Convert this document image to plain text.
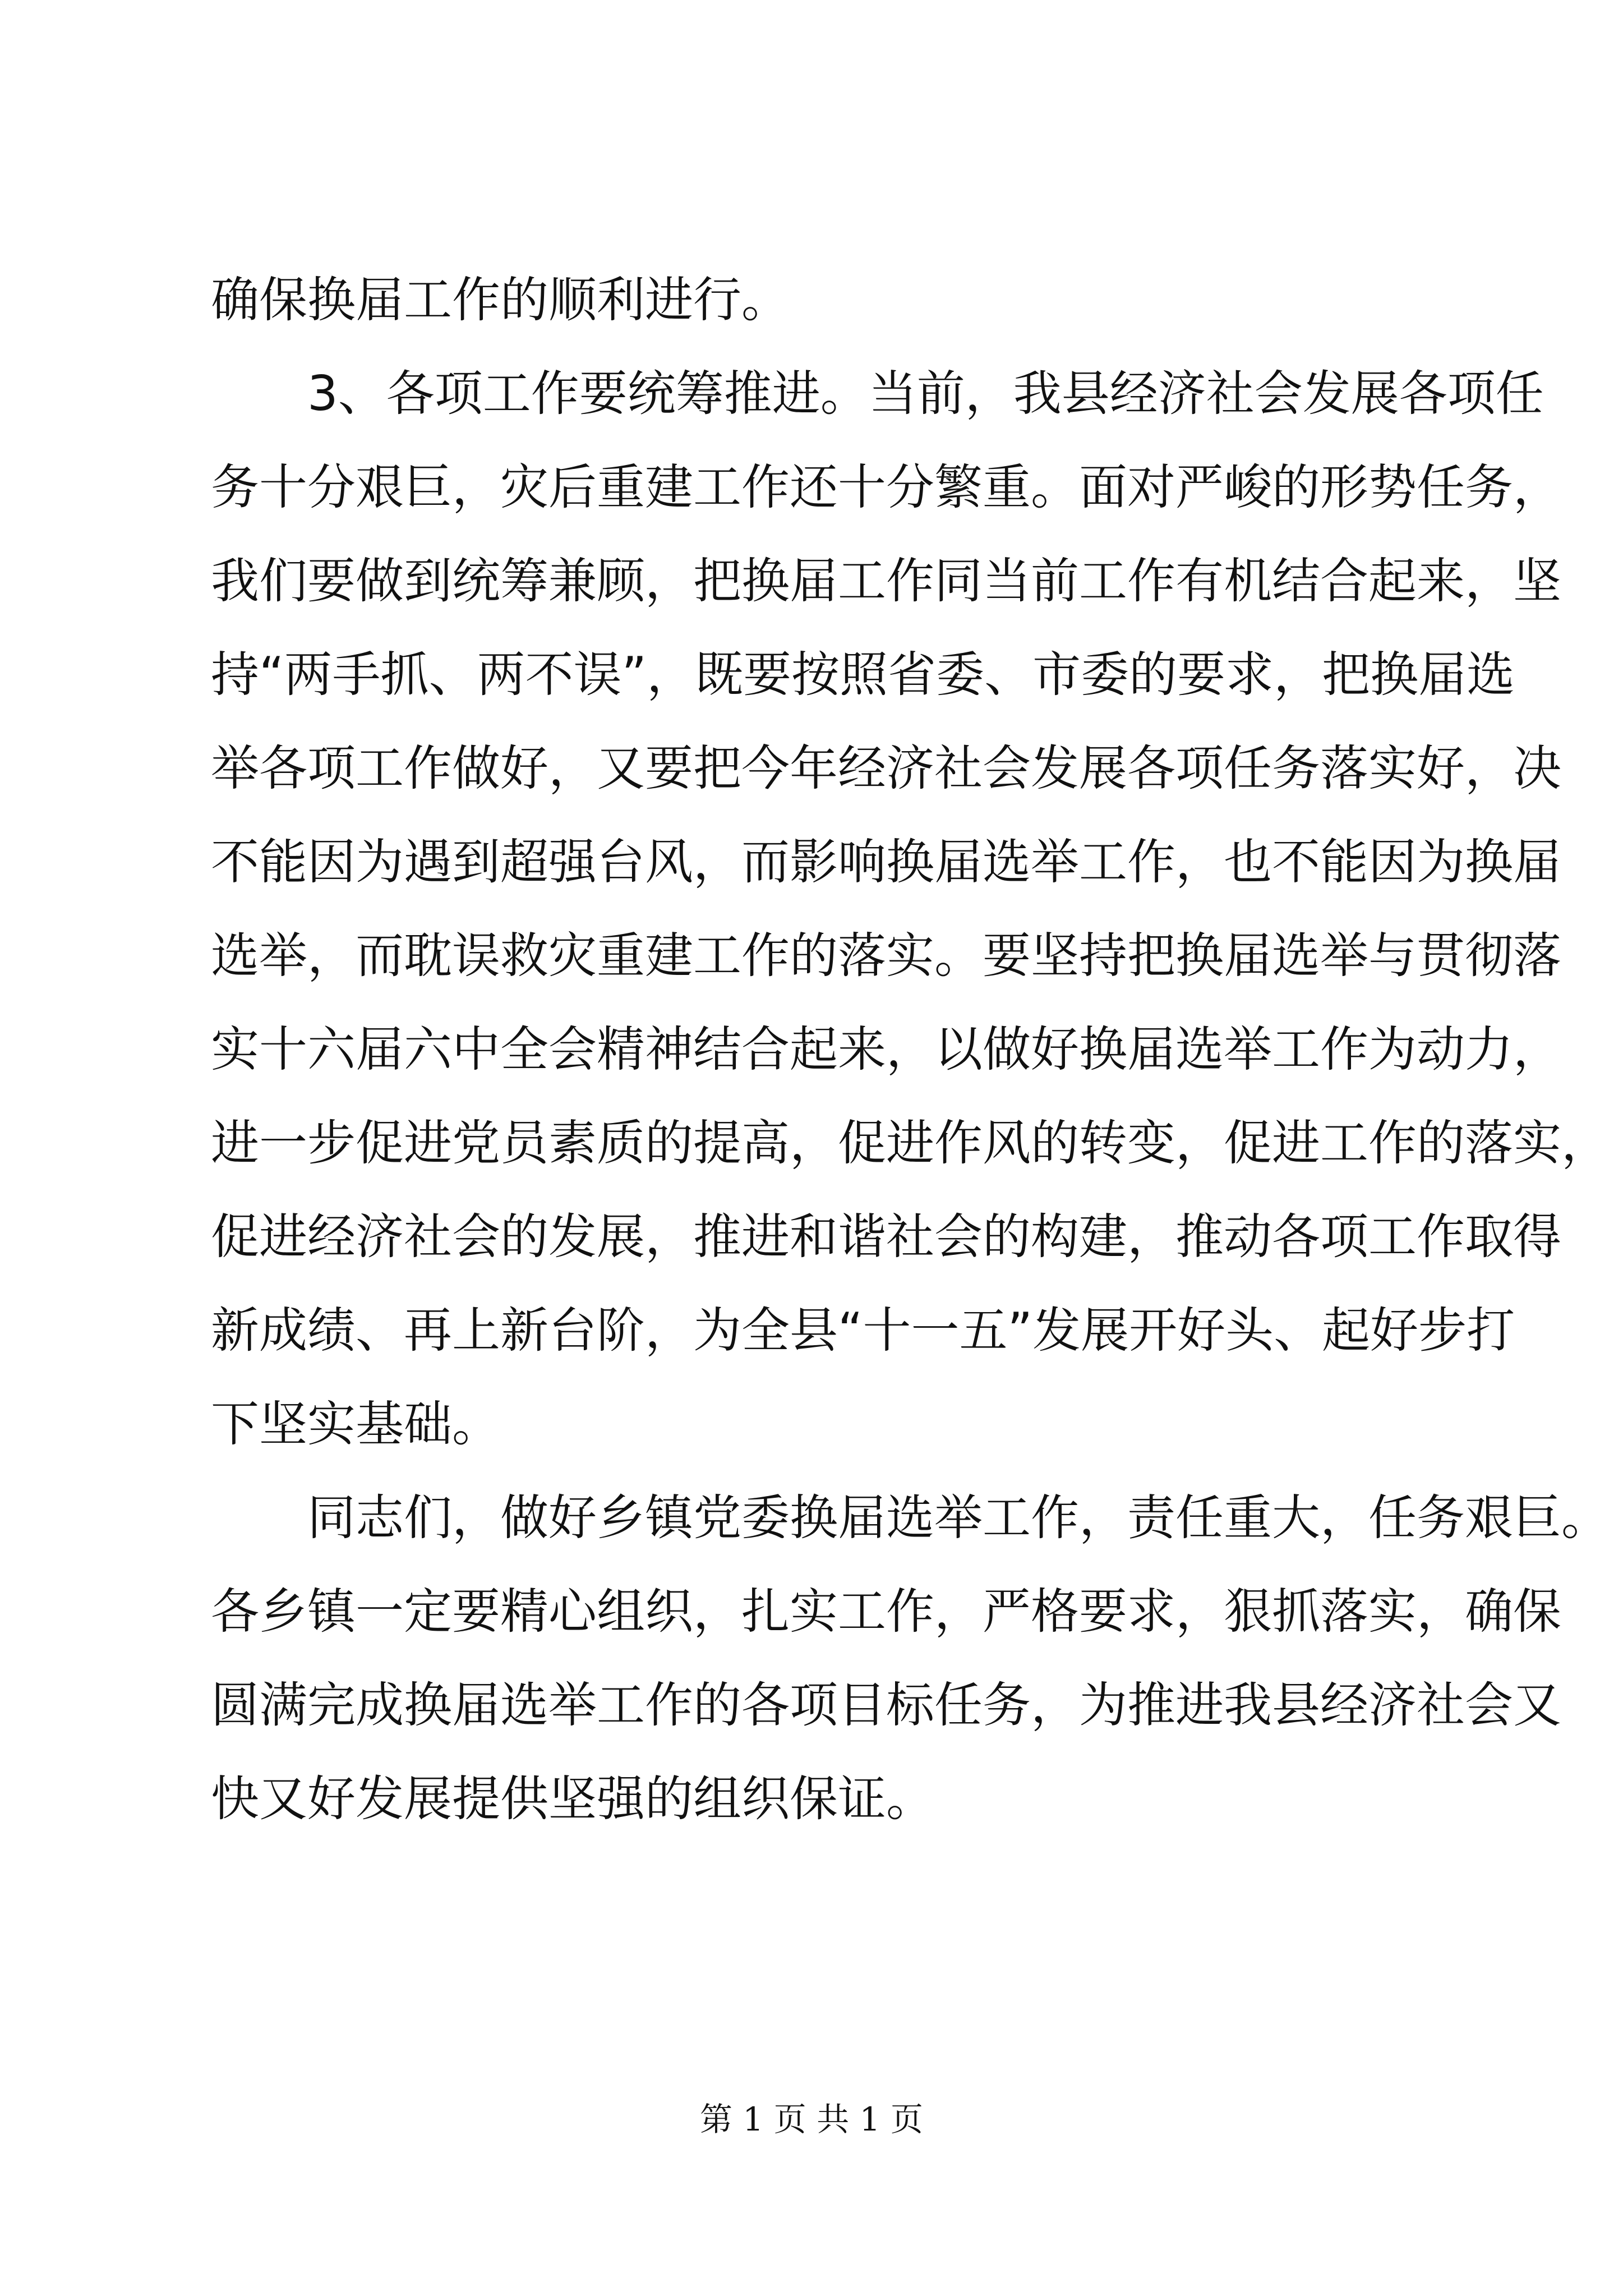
确保换届工作的顺利进行。
3、各项工作要统筹推进。当前，我县经济社会发展各项任
务十分艰巨，灾后重建工作还十分繁重。面对严峻的形势任务，
我们要做到统筹兼顾，把换届工作同当前工作有机结合起来，坚
持“两手抓、两不误”，既要按照省委、市委的要求，把换届选
举各项工作做好，又要把今年经济社会发展各项任务落实好，决
不能因为遇到超强台风，而影响换届选举工作，也不能因为换届
选举，而耽误救灾重建工作的落实。要坚持把换届选举与贯彻落
实十六届六中全会精神结合起来，以做好换届选举工作为动力，
进一步促进党员素质的提高，促进作风的转变，促进工作的落实，
促进经济社会的发展，推进和谐社会的构建，推动各项工作取得
新成绩、再上新台阶，为全县“十一五”发展开好头、起好步打
下坚实基础。
同志们，做好乡镇党委换届选举工作，责任重大，任务艰巨。
各乡镇一定要精心组织，扎实工作，严格要求，狠抓落实，确保
圆满完成换届选举工作的各项目标任务，为推进我县经济社会又
快又好发展提供坚强的组织保证。
第 1 页 共 1 页
